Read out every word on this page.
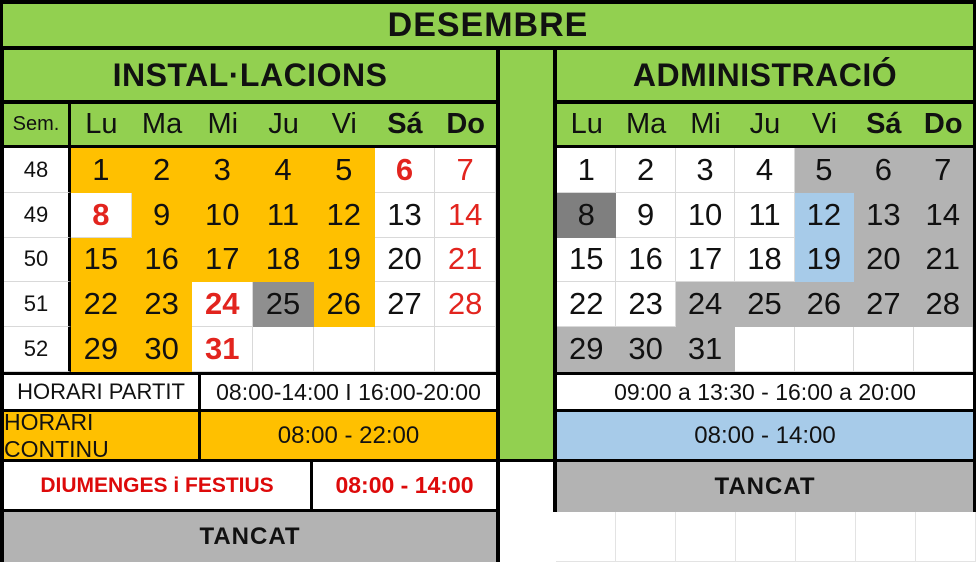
DESEMBRE
INSTAL·LACIONS
Sem. Lu Ma Mi	Ju	Vi	Sá Do
48	1	2	3	4	5	6	7
49	8	9	10 11 12 13 14
50	15 16 17 18 19 20 21
51	22 23 24 25 26 27 28
52	29 30 31
HORARI PARTIT	08:00-14:00 I 16:00-20:00
HORARI CONTINU	08:00 - 22:00
DIUMENGES i FESTIUS	08:00 - 14:00
TANCAT
ADMINISTRACIÓ
Lu Ma Mi Ju	Vi	Sá Do
1	2	3	4	5	6	7
8	9	10 11 12 13 14
15 16 17 18 19 20 21
22 23 24 25 26 27 28
29 30 31
09:00 a 13:30 - 16:00 a 20:00
08:00 - 14:00
TANCAT
